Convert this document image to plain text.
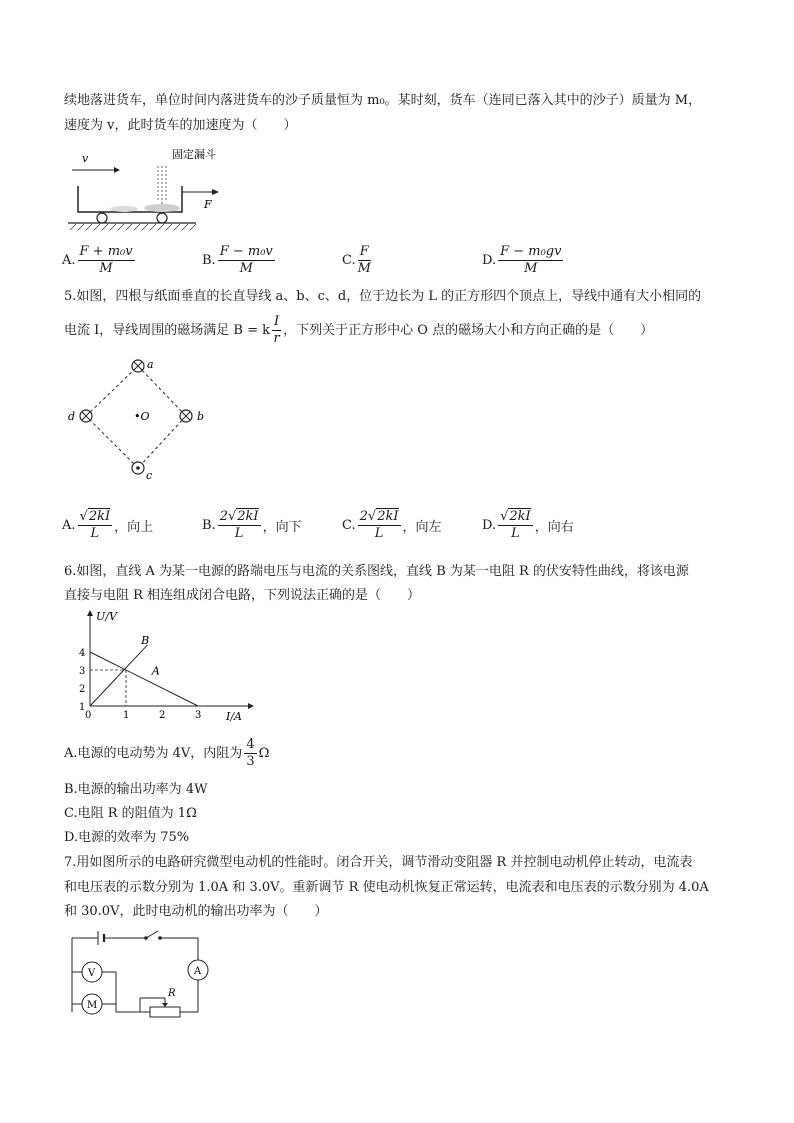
续地落进货车，单位时间内落进货车的沙子质量恒为 m₀。某时刻，货车（连同已落入其中的沙子）质量为 M，
速度为 v，此时货车的加速度为（　　）
v	固定漏斗
F
A. $\frac{\text{F + m₀v}}{M}$	B. $\frac{\text{F − m₀v}}{M}$	C. $\frac{F}{M}$	D. $\frac{\text{F − m₀gv}}{M}$
5.如图，四根与纸面垂直的长直导线 a、b、c、d，位于边长为 L 的正方形四个顶点上，导线中通有大小相同的
电流 I，导线周围的磁场满足 B = k $\frac{I}{r}$ ，下列关于正方形中心 O 点的磁场大小和方向正确的是（　　）
a
b
c
d	•O
A. $\frac{√2kI}{L}$ ，向上	B. $\frac{2√2kI}{L}$ ，向下	C. $\frac{2√2kI}{L}$ ，向左	D. $\frac{√2kI}{L}$ ，向右
6.如图，直线 A 为某一电源的路端电压与电流的关系图线，直线 B 为某一电阻 R 的伏安特性曲线，将该电源
直接与电阻 R 相连组成闭合电路，下列说法正确的是（　　）
U/V
I/A
0	1	2	3
1
2
3
4
B
A
A.电源的电动势为 4V，内阻为 $\frac{4}{3}$ Ω
B.电源的输出功率为 4W
C.电阻 R 的阻值为 1Ω
D.电源的效率为 75%
7.用如图所示的电路研究微型电动机的性能时。闭合开关，调节滑动变阻器 R 并控制电动机停止转动，电流表
和电压表的示数分别为 1.0A 和 3.0V。重新调节 R 使电动机恢复正常运转，电流表和电压表的示数分别为 4.0A
和 30.0V，此时电动机的输出功率为（　　）
V
M
A
R
